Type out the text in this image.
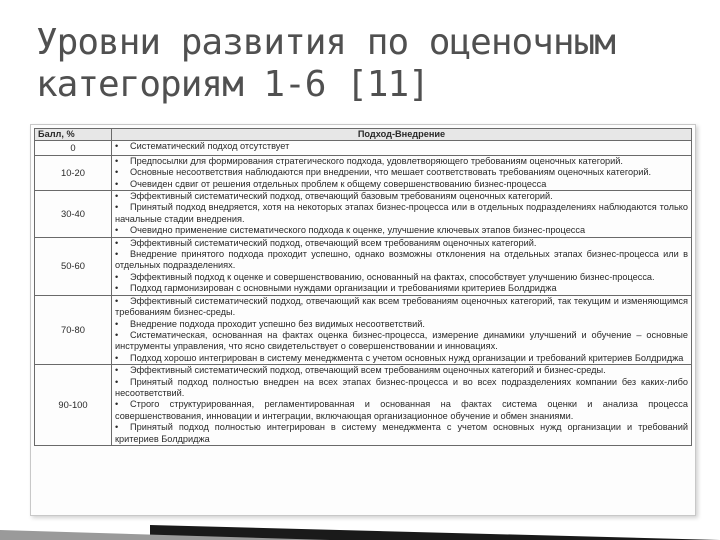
Уровни развития по оценочным
категориям 1-6 [11]
Балл, %	Подход-Внедрение
0	• Систематический подход отсутствует

10-20	• Предпосылки для формирования стратегического подхода, удовлетворяющего требованиям оценочных категорий.
• Основные несоответствия наблюдаются при внедрении, что мешает соответствовать требованиям оценочных категорий.
• Очевиден сдвиг от решения отдельных проблем к общему совершенствованию бизнес-процесса

30-40	• Эффективный систематический подход, отвечающий базовым требованиям оценочных категорий.
• Принятый подход внедряется, хотя на некоторых этапах бизнес-процесса или в отдельных подразделениях наблюдаются только начальные стадии внедрения.
• Очевидно применение систематического подхода к оценке, улучшение ключевых этапов бизнес-процесса

50-60	• Эффективный систематический подход, отвечающий всем требованиям оценочных категорий.
• Внедрение принятого подхода проходит успешно, однако возможны отклонения на отдельных этапах бизнес-процесса или в отдельных подразделениях.
• Эффективный подход к оценке и совершенствованию, основанный на фактах, способствует улучшению бизнес-процесса.
• Подход гармонизирован с основными нуждами организации и требованиями критериев Болдриджа

70-80	• Эффективный систематический подход, отвечающий как всем требованиям оценочных категорий, так текущим и изменяющимся требованиям бизнес-среды.
• Внедрение подхода проходит успешно без видимых несоответствий.
• Систематическая, основанная на фактах оценка бизнес-процесса, измерение динамики улучшений и обучение – основные инструменты управления, что ясно свидетельствует о совершенствовании и инновациях.
• Подход хорошо интегрирован в систему менеджмента с учетом основных нужд организации и требований критериев Болдриджа

90-100	• Эффективный систематический подход, отвечающий всем требованиям оценочных категорий и бизнес-среды.
• Принятый подход полностью внедрен на всех этапах бизнес-процесса и во всех подразделениях компании без каких-либо несоответствий.
• Строго структурированная, регламентированная и основанная на фактах система оценки и анализа процесса совершенствования, инновации и интеграции, включающая организационное обучение и обмен знаниями.
• Принятый подход полностью интегрирован в систему менеджмента с учетом основных нужд организации и требований критериев Болдриджа
